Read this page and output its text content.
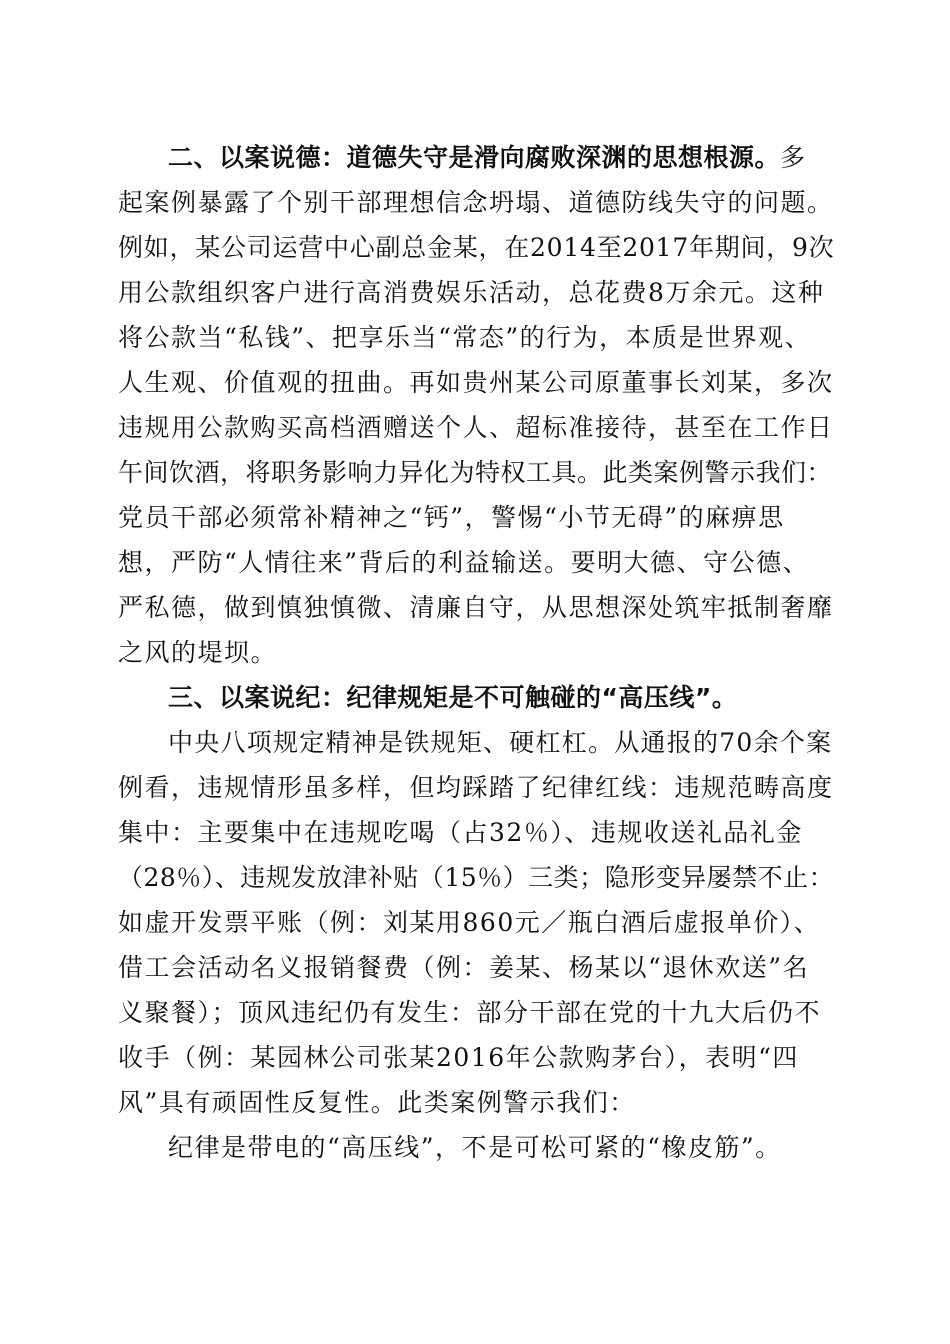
二、以案说德：道德失守是滑向腐败深渊的思想根源。多
起案例暴露了个别干部理想信念坍塌、道德防线失守的问题。
例如，某公司运营中心副总金某，在2014至2017年期间，9次
用公款组织客户进行高消费娱乐活动，总花费8万余元。这种
将公款当“私钱”、把享乐当“常态”的行为，本质是世界观、
人生观、价值观的扭曲。再如贵州某公司原董事长刘某，多次
违规用公款购买高档酒赠送个人、超标准接待，甚至在工作日
午间饮酒，将职务影响力异化为特权工具。此类案例警示我们：
党员干部必须常补精神之“钙”，警惕“小节无碍”的麻痹思
想，严防“人情往来”背后的利益输送。要明大德、守公德、
严私德，做到慎独慎微、清廉自守，从思想深处筑牢抵制奢靡
之风的堤坝。
三、以案说纪：纪律规矩是不可触碰的“高压线”。
中央八项规定精神是铁规矩、硬杠杠。从通报的70余个案
例看，违规情形虽多样，但均踩踏了纪律红线：违规范畴高度
集中：主要集中在违规吃喝（占32％）、违规收送礼品礼金
（28％）、违规发放津补贴（15％）三类；隐形变异屡禁不止：
如虚开发票平账（例：刘某用860元／瓶白酒后虚报单价）、
借工会活动名义报销餐费（例：姜某、杨某以“退休欢送”名
义聚餐）；顶风违纪仍有发生：部分干部在党的十九大后仍不
收手（例：某园林公司张某2016年公款购茅台），表明“四
风”具有顽固性反复性。此类案例警示我们：
纪律是带电的“高压线”，不是可松可紧的“橡皮筋”。
